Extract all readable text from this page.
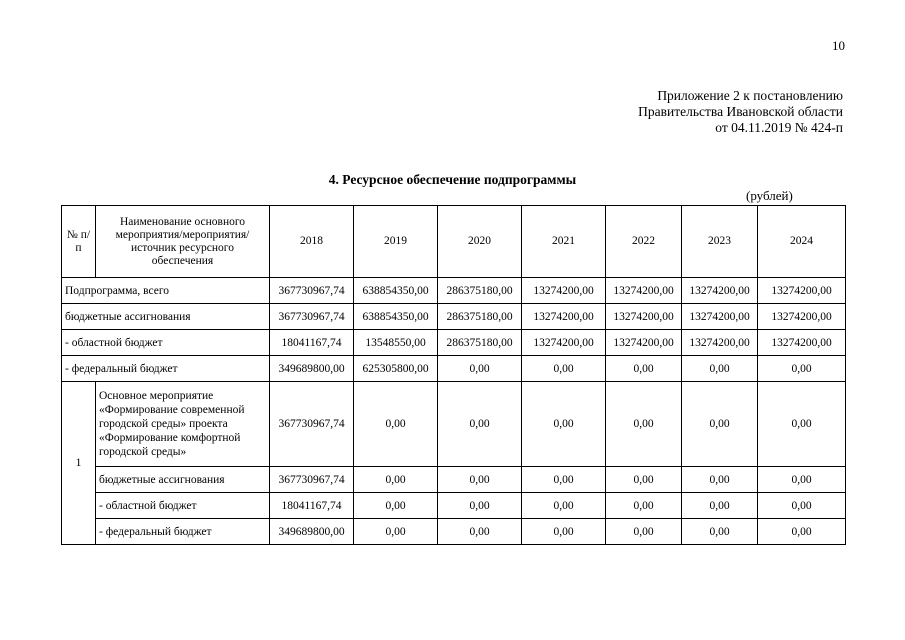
10
Приложение 2 к постановлению
Правительства Ивановской области
от 04.11.2019 № 424-п
4. Ресурсное обеспечение подпрограммы
(рублей)
№ п/п	Наименование основного мероприятия/мероприятия/ источник ресурсного обеспечения	2018	2019	2020	2021	2022	2023	2024
Подпрограмма, всего		367730967,74	638854350,00	286375180,00	13274200,00	13274200,00	13274200,00	13274200,00
бюджетные ассигнования		367730967,74	638854350,00	286375180,00	13274200,00	13274200,00	13274200,00	13274200,00
- областной бюджет		18041167,74	13548550,00	286375180,00	13274200,00	13274200,00	13274200,00	13274200,00
- федеральный бюджет		349689800,00	625305800,00	0,00	0,00	0,00	0,00	0,00
1	Основное мероприятие «Формирование современной городской среды» проекта «Формирование комфортной городской среды»	367730967,74	0,00	0,00	0,00	0,00	0,00	0,00
	бюджетные ассигнования	367730967,74	0,00	0,00	0,00	0,00	0,00	0,00
	- областной бюджет	18041167,74	0,00	0,00	0,00	0,00	0,00	0,00
	- федеральный бюджет	349689800,00	0,00	0,00	0,00	0,00	0,00	0,00
